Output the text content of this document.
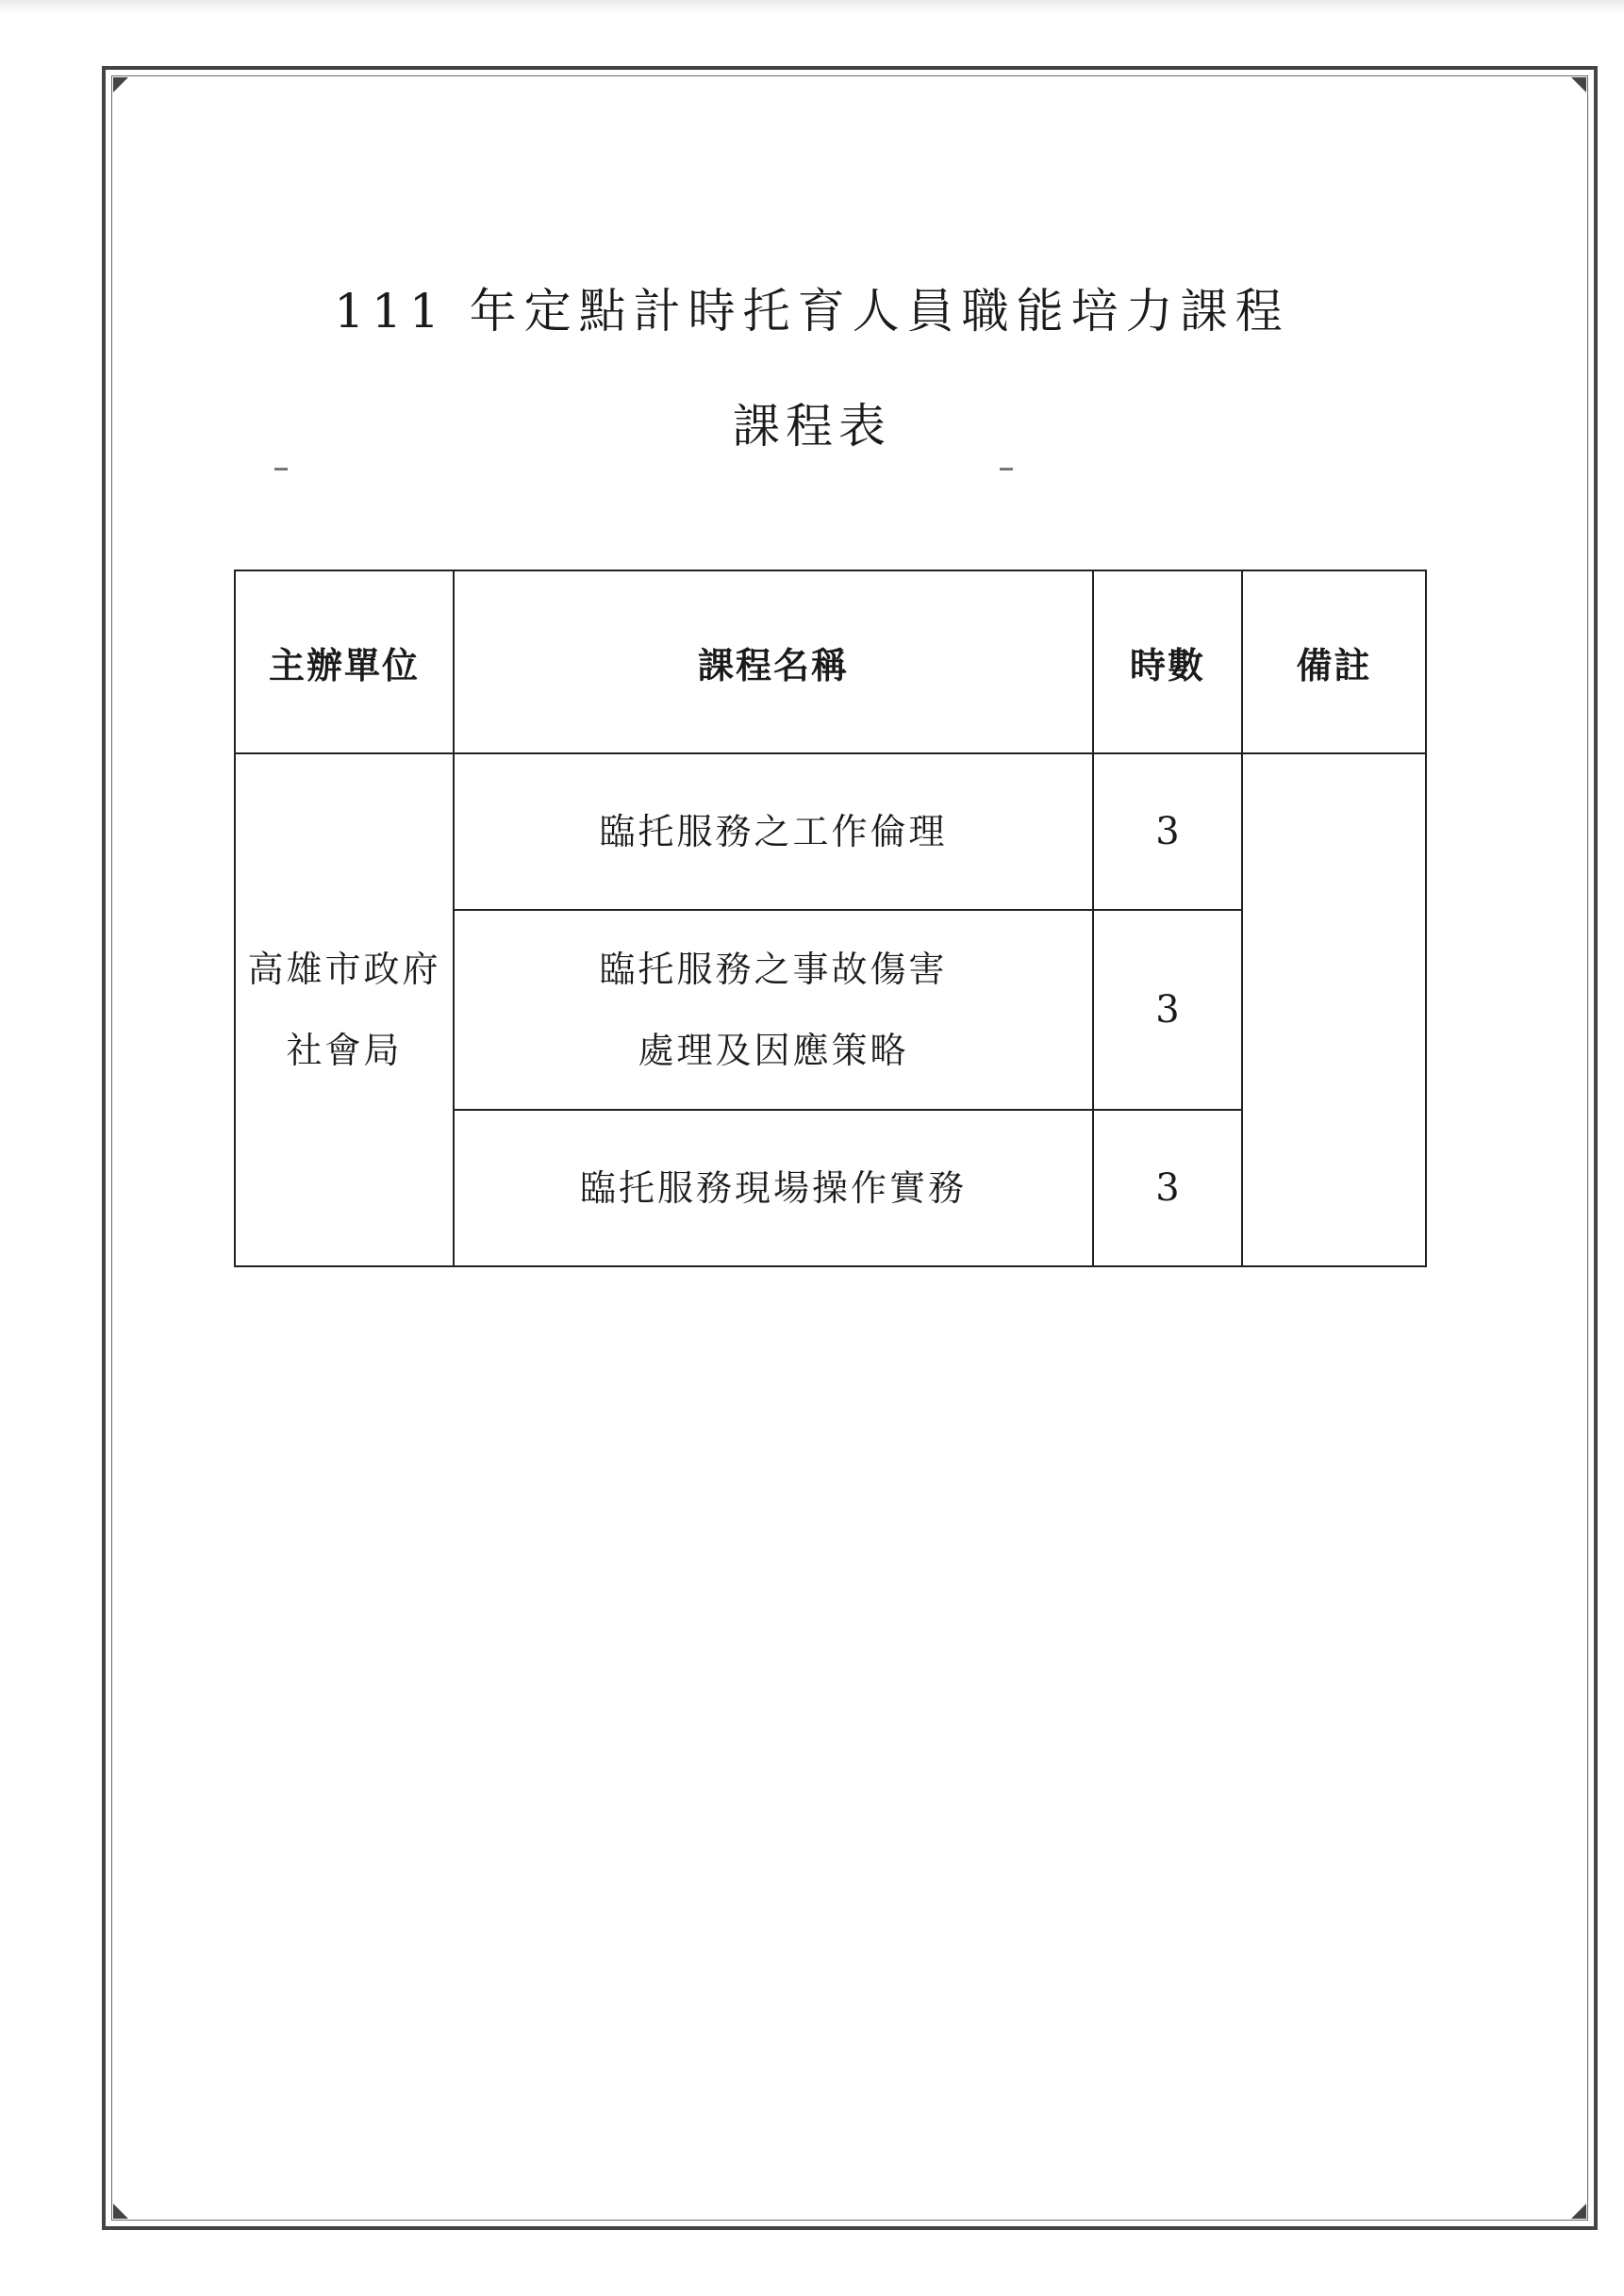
111 年定點計時托育人員職能培力課程
課程表
主辦單位	課程名稱	時數	備註

高雄市政府
社會局	臨托服務之工作倫理	3	

	臨托服務之事故傷害
處理及因應策略	3	

	臨托服務現場操作實務	3	
